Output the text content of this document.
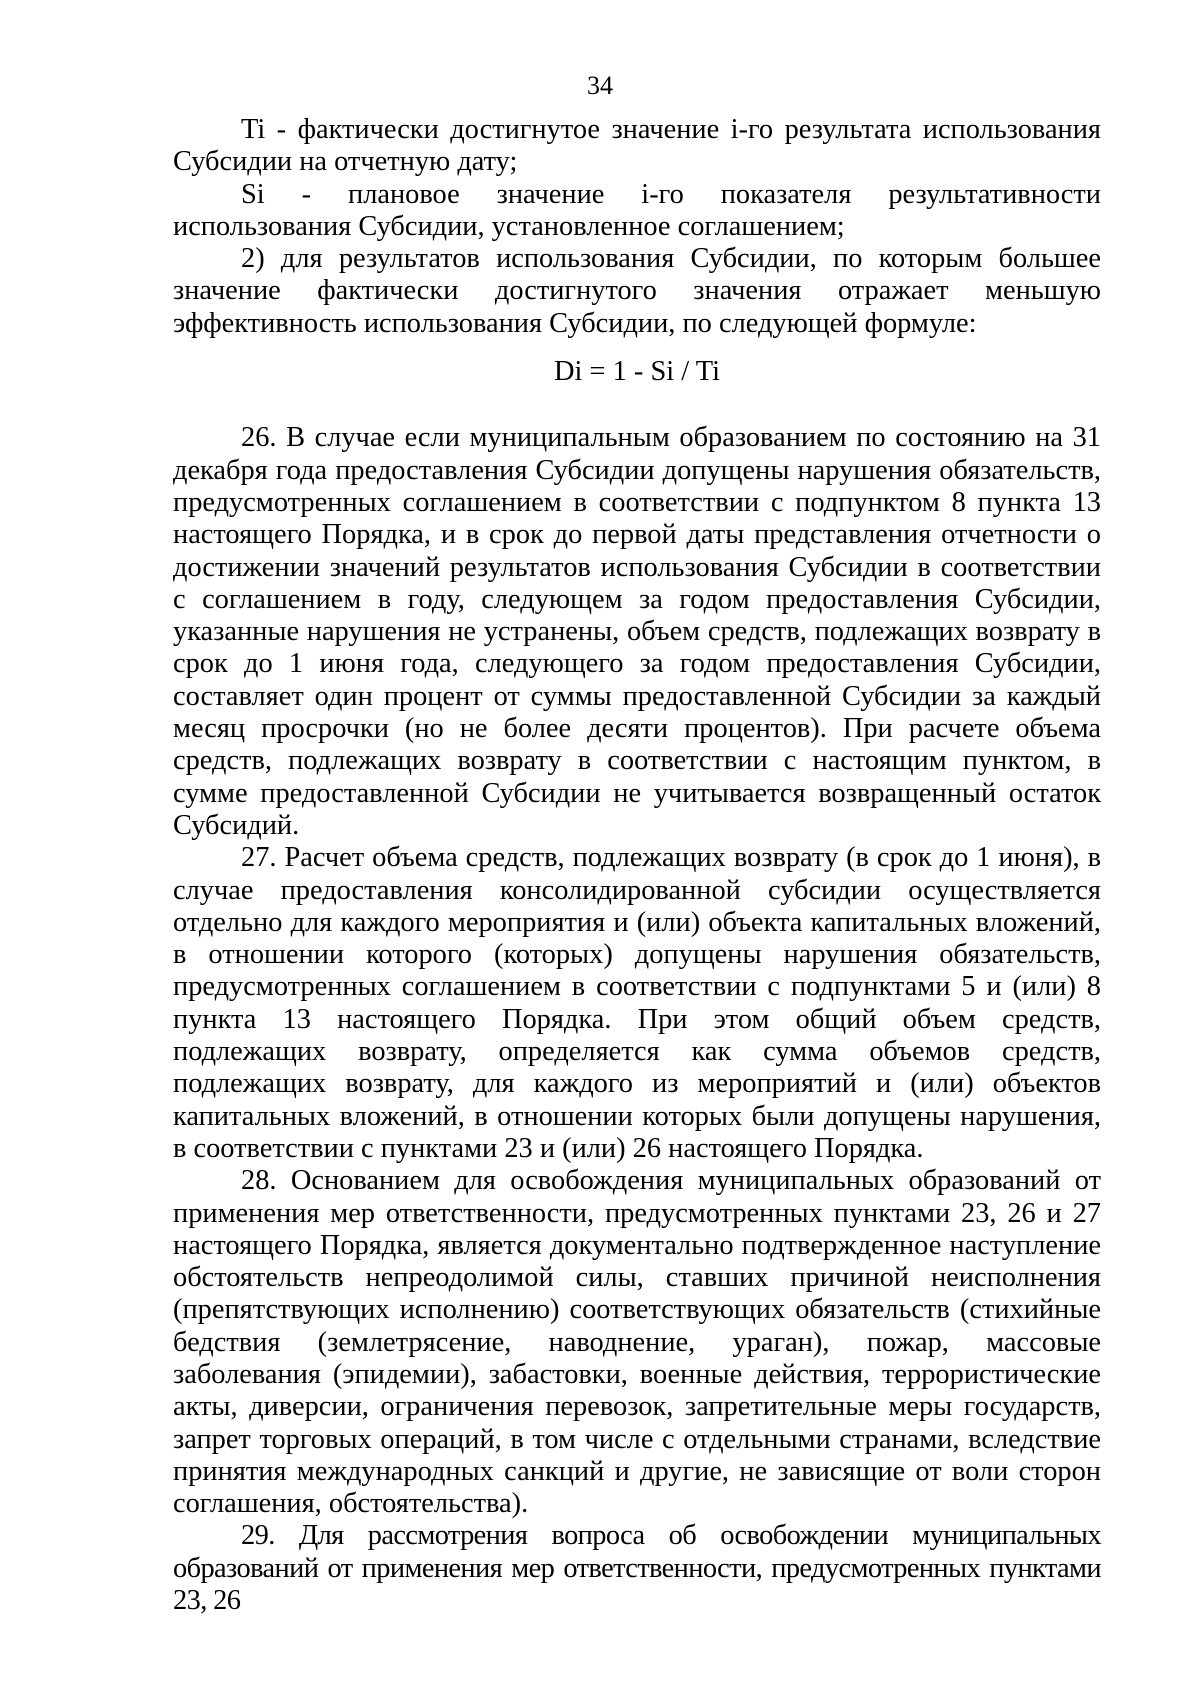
34

Ti - фактически достигнутое значение i-го результата использования Субсидии на отчетную дату;

Si - плановое значение i-го показателя результативности использования Субсидии, установленное соглашением;

2) для результатов использования Субсидии, по которым большее значение фактически достигнутого значения отражает меньшую эффективность использования Субсидии, по следующей формуле:

Di = 1 - Si / Ti

26. В случае если муниципальным образованием по состоянию на 31 декабря года предоставления Субсидии допущены нарушения обязательств, предусмотренных соглашением в соответствии с подпунктом 8 пункта 13 настоящего Порядка, и в срок до первой даты представления отчетности о достижении значений результатов использования Субсидии в соответствии с соглашением в году, следующем за годом предоставления Субсидии, указанные нарушения не устранены, объем средств, подлежащих возврату в срок до 1 июня года, следующего за годом предоставления Субсидии, составляет один процент от суммы предоставленной Субсидии за каждый месяц просрочки (но не более десяти процентов). При расчете объема средств, подлежащих возврату в соответствии с настоящим пунктом, в сумме предоставленной Субсидии не учитывается возвращенный остаток Субсидий.

27. Расчет объема средств, подлежащих возврату (в срок до 1 июня), в случае предоставления консолидированной субсидии осуществляется отдельно для каждого мероприятия и (или) объекта капитальных вложений, в отношении которого (которых) допущены нарушения обязательств, предусмотренных соглашением в соответствии с подпунктами 5 и (или) 8 пункта 13 настоящего Порядка. При этом общий объем средств, подлежащих возврату, определяется как сумма объемов средств, подлежащих возврату, для каждого из мероприятий и (или) объектов капитальных вложений, в отношении которых были допущены нарушения, в соответствии с пунктами 23 и (или) 26 настоящего Порядка.

28. Основанием для освобождения муниципальных образований от применения мер ответственности, предусмотренных пунктами 23, 26 и 27 настоящего Порядка, является документально подтвержденное наступление обстоятельств непреодолимой силы, ставших причиной неисполнения (препятствующих исполнению) соответствующих обязательств (стихийные бедствия (землетрясение, наводнение, ураган), пожар, массовые заболевания (эпидемии), забастовки, военные действия, террористические акты, диверсии, ограничения перевозок, запретительные меры государств, запрет торговых операций, в том числе с отдельными странами, вследствие принятия международных санкций и другие, не зависящие от воли сторон соглашения, обстоятельства).

29. Для рассмотрения вопроса об освобождении муниципальных образований от применения мер ответственности, предусмотренных пунктами 23, 26
